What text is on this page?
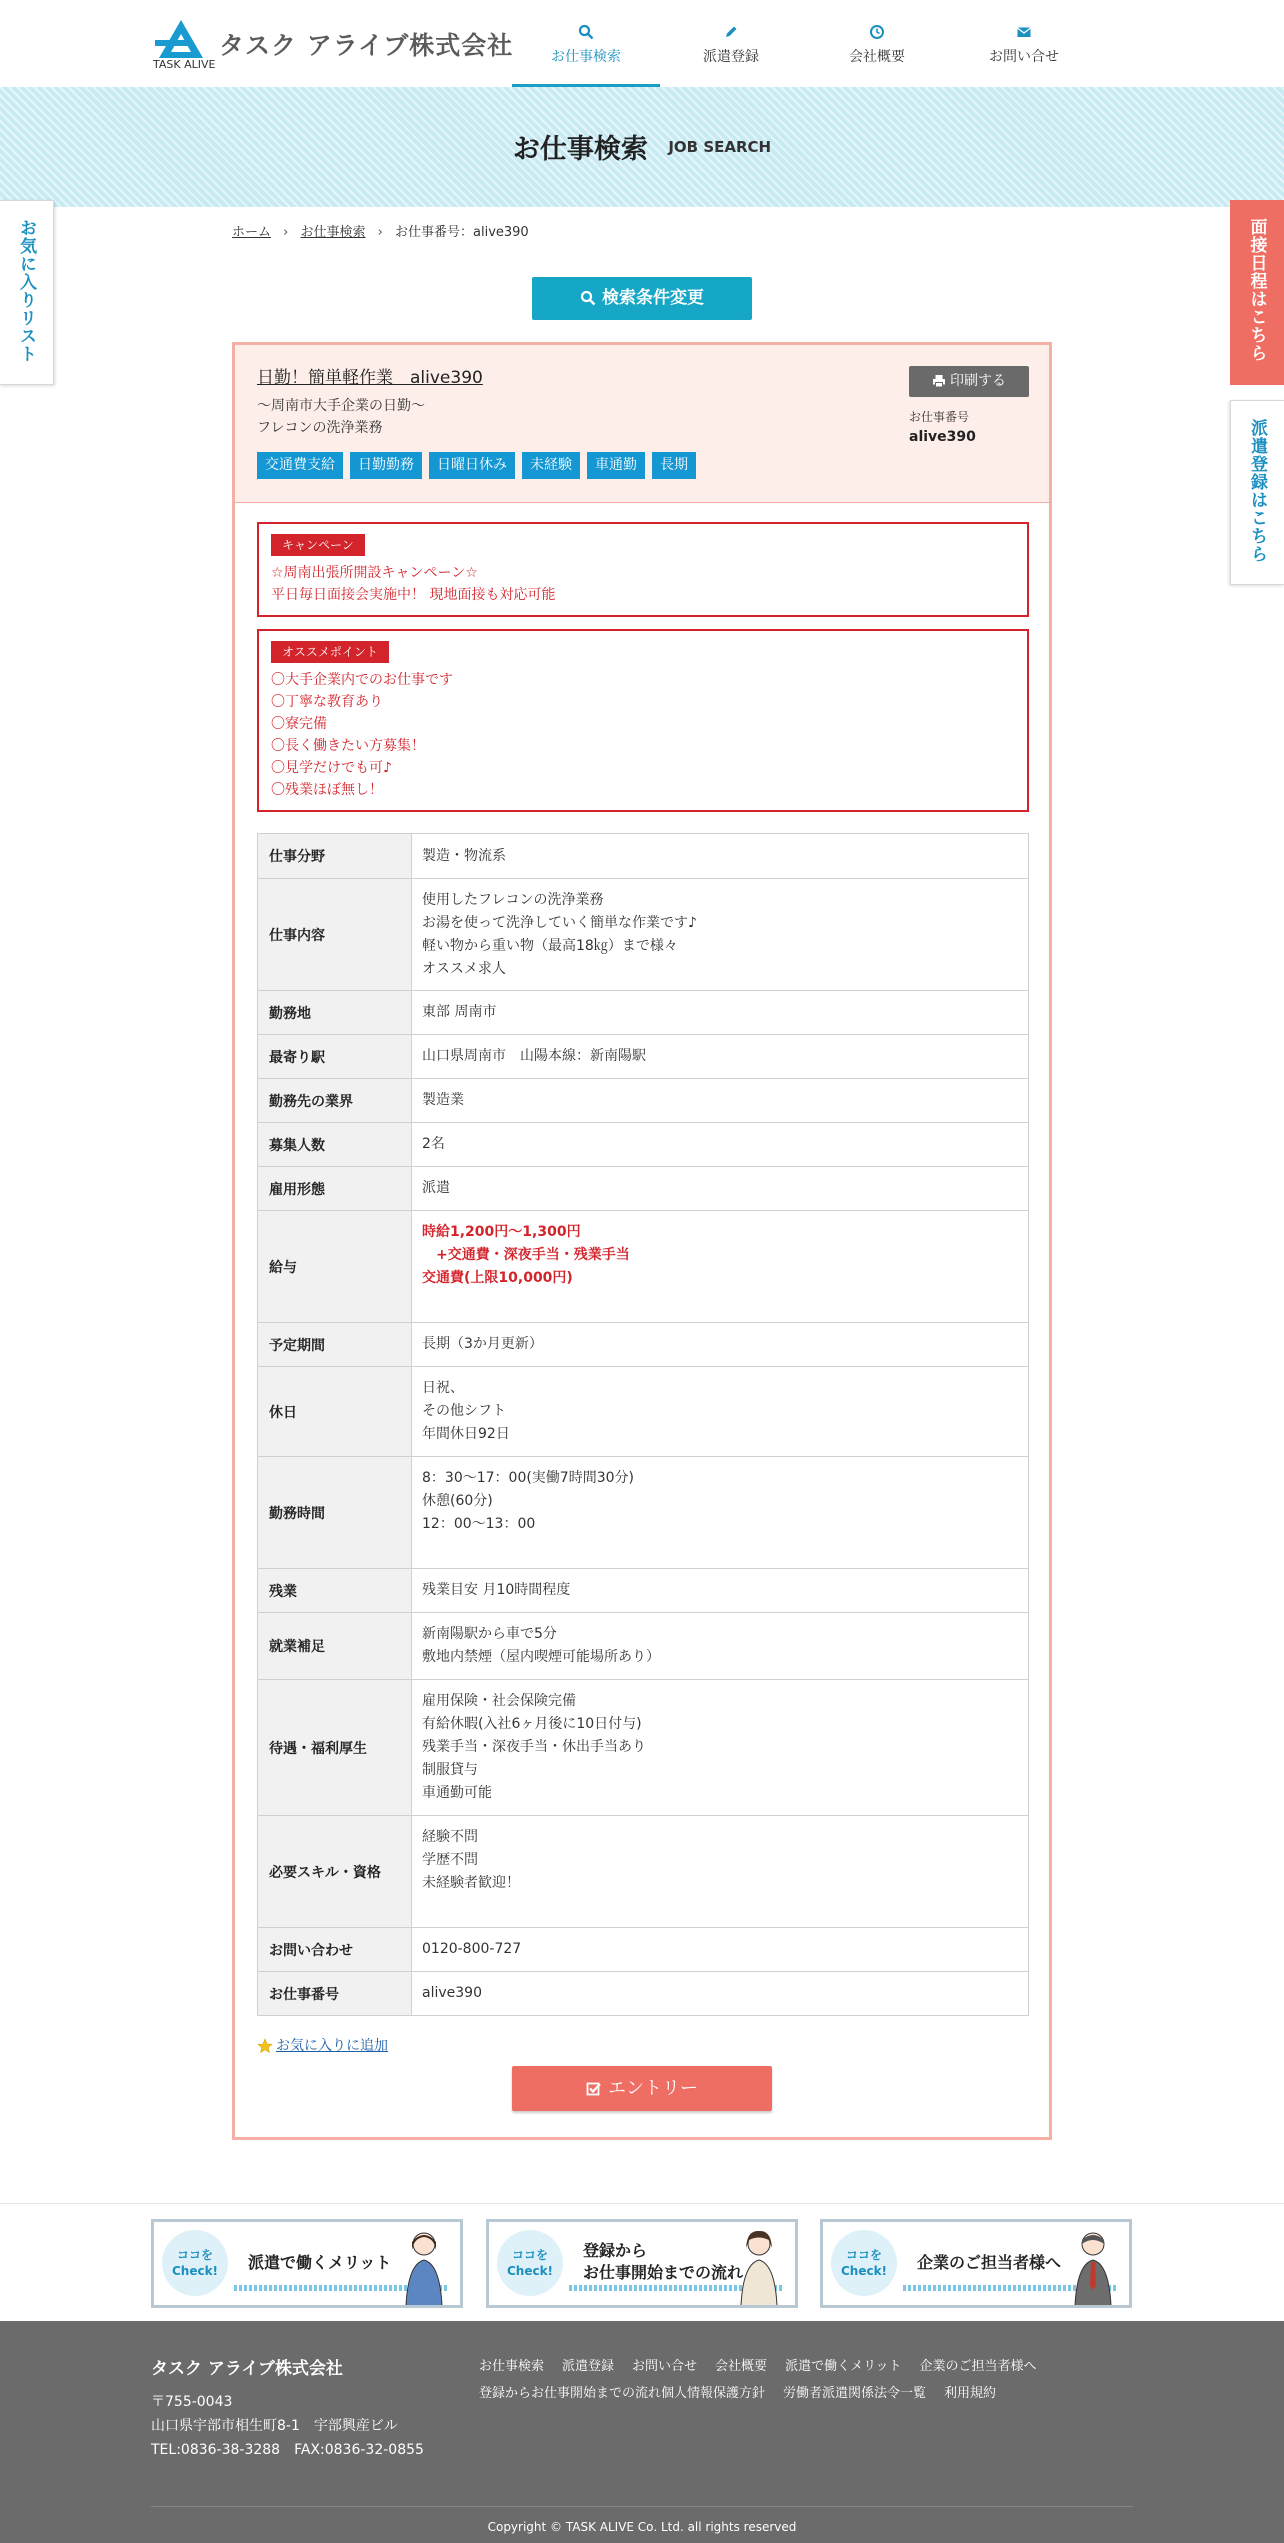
タスク アライブ株式会社
TASK ALIVE	お仕事検索	派遣登録	会社概要	お問い合せ
お仕事検索 JOB SEARCH
お気に入りリスト	面接日程はこちら
派遣登録はこちら
ホーム › お仕事検索 › お仕事番号：alive390
検索条件変更
日勤！簡単軽作業　alive390
～周南市大手企業の日勤～
フレコンの洗浄業務
交通費支給 日勤勤務 日曜日休み 未経験 車通勤 長期
印刷する
お仕事番号
alive390
キャンペーン
☆周南出張所開設キャンペーン☆
平日毎日面接会実施中！ 現地面接も対応可能
オススメポイント
〇大手企業内でのお仕事です
〇丁寧な教育あり
〇寮完備
〇長く働きたい方募集！
〇見学だけでも可♪
〇残業ほぼ無し！
仕事分野	製造・物流系

仕事内容	使用したフレコンの洗浄業務
お湯を使って洗浄していく簡単な作業です♪
軽い物から重い物（最高18㎏）まで様々
オススメ求人

勤務地	東部 周南市

最寄り駅	山口県周南市　山陽本線：新南陽駅

勤務先の業界	製造業

募集人数	2名

雇用形態	派遣

給与	時給1,200円～1,300円
　+交通費・深夜手当・残業手当
交通費(上限10,000円)

予定期間	長期（3か月更新）

休日	日祝、
その他シフト
年間休日92日

勤務時間	8：30～17：00(実働7時間30分)
休憩(60分)
12：00～13：00

残業	残業目安 月10時間程度

就業補足	新南陽駅から車で5分
敷地内禁煙（屋内喫煙可能場所あり）

待遇・福利厚生	雇用保険・社会保険完備
有給休暇(入社6ヶ月後に10日付与)
残業手当・深夜手当・休出手当あり
制服貸与
車通勤可能

必要スキル・資格	経験不問
学歴不問
未経験者歓迎！

お問い合わせ	0120-800-727

お仕事番号	alive390
お気に入りに追加
エントリー
ココを Check!	派遣で働くメリット	ココを Check!
登録から
お仕事開始までの流れ
ココを Check!	企業のご担当者様へ
タスク アライブ株式会社
〒755-0043
山口県宇部市相生町8-1　宇部興産ビル
TEL:0836-38-3288　FAX:0836-32-0855
お仕事検索 派遣登録 お問い合せ 会社概要 派遣で働くメリット 企業のご担当者様へ
登録からお仕事開始までの流れ個人情報保護方針 労働者派遣関係法令一覧 利用規約
Copyright © TASK ALIVE Co. Ltd. all rights reserved
